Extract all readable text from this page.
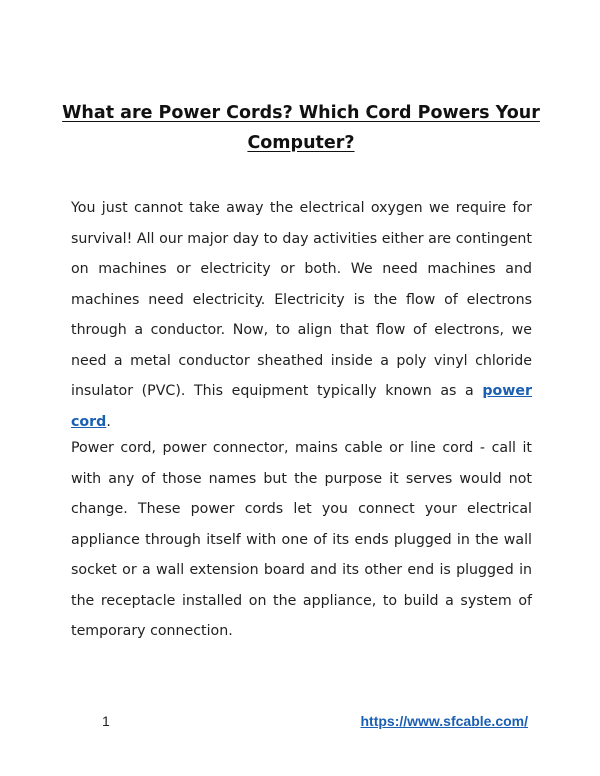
What are Power Cords? Which Cord Powers Your Computer?

You just cannot take away the electrical oxygen we require for survival! All our major day to day activities either are contingent on machines or electricity or both. We need machines and machines need electricity. Electricity is the flow of electrons through a conductor. Now, to align that flow of electrons, we need a metal conductor sheathed inside a poly vinyl chloride insulator (PVC). This equipment typically known as a power cord.

Power cord, power connector, mains cable or line cord - call it with any of those names but the purpose it serves would not change. These power cords let you connect your electrical appliance through itself with one of its ends plugged in the wall socket or a wall extension board and its other end is plugged in the receptacle installed on the appliance, to build a system of temporary connection.

1	https://www.sfcable.com/
